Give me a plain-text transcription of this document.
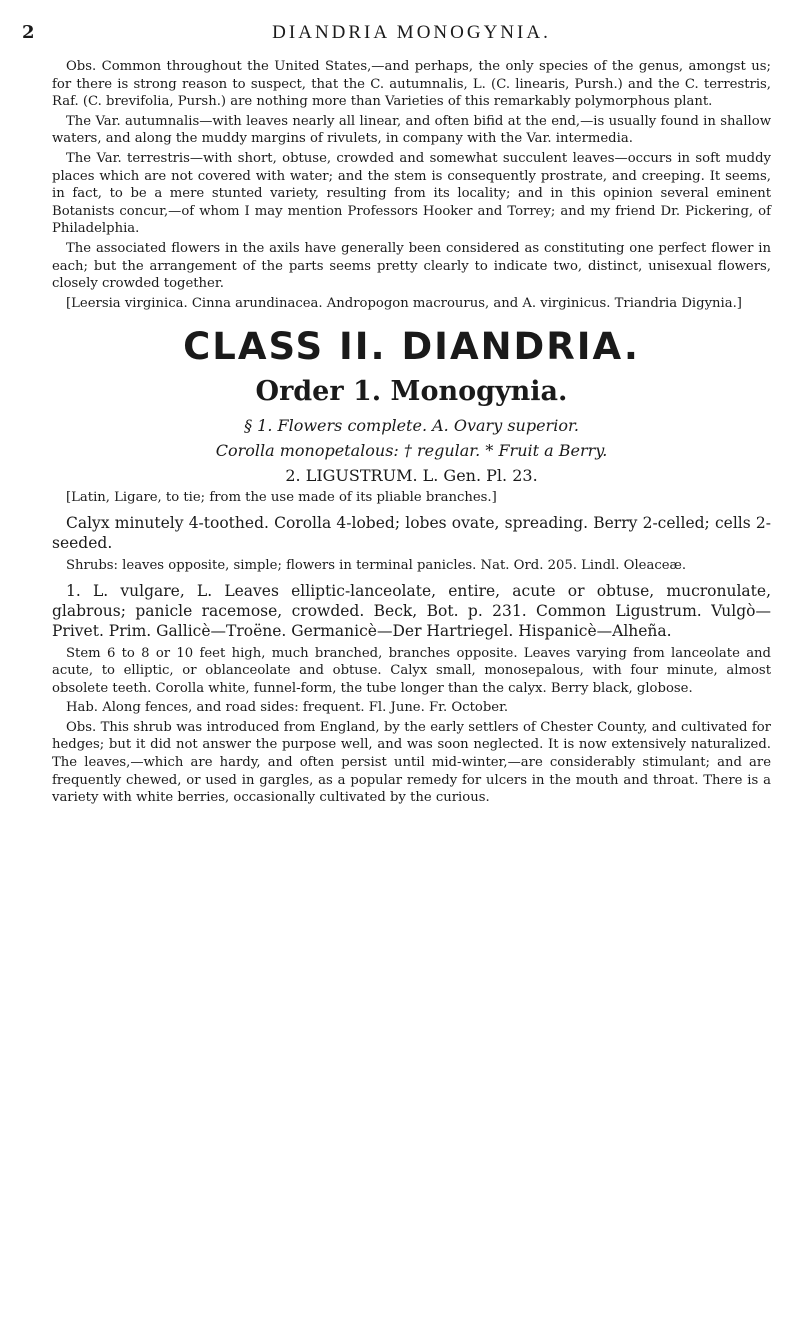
2	DIANDRIA MONOGYNIA.

Obs. Common throughout the United States,—and perhaps, the only species of the genus, amongst us; for there is strong reason to suspect, that the C. autumnalis, L. (C. linearis, Pursh.) and the C. terrestris, Raf. (C. brevifolia, Pursh.) are nothing more than Varieties of this remarkably polymorphous plant.

The Var. autumnalis—with leaves nearly all linear, and often bifid at the end,—is usually found in shallow waters, and along the muddy margins of rivulets, in company with the Var. intermedia.

The Var. terrestris—with short, obtuse, crowded and somewhat succulent leaves—occurs in soft muddy places which are not covered with water; and the stem is consequently prostrate, and creeping. It seems, in fact, to be a mere stunted variety, resulting from its locality; and in this opinion several eminent Botanists concur,—of whom I may mention Professors Hooker and Torrey; and my friend Dr. Pickering, of Philadelphia.

The associated flowers in the axils have generally been considered as constituting one perfect flower in each; but the arrangement of the parts seems pretty clearly to indicate two, distinct, unisexual flowers, closely crowded together.

[Leersia virginica. Cinna arundinacea. Andropogon macrourus, and A. virginicus. Triandria Digynia.]

CLASS II. DIANDRIA.
Order 1. Monogynia.
§ 1. Flowers complete. A. Ovary superior.
Corolla monopetalous: † regular. * Fruit a Berry.
2. LIGUSTRUM. L. Gen. Pl. 23.

[Latin, Ligare, to tie; from the use made of its pliable branches.]

Calyx minutely 4-toothed. Corolla 4-lobed; lobes ovate, spreading. Berry 2-celled; cells 2-seeded.

Shrubs: leaves opposite, simple; flowers in terminal panicles. Nat. Ord. 205. Lindl. Oleaceæ.

1. L. vulgare, L. Leaves elliptic-lanceolate, entire, acute or obtuse, mucronulate, glabrous; panicle racemose, crowded. Beck, Bot. p. 231. Common Ligustrum. Vulgò—Privet. Prim. Gallicè—Troëne. Germanicè—Der Hartriegel. Hispanicè—Alheña.

Stem 6 to 8 or 10 feet high, much branched, branches opposite. Leaves varying from lanceolate and acute, to elliptic, or oblanceolate and obtuse. Calyx small, monosepalous, with four minute, almost obsolete teeth. Corolla white, funnel-form, the tube longer than the calyx. Berry black, globose.

Hab. Along fences, and road sides: frequent. Fl. June. Fr. October.

Obs. This shrub was introduced from England, by the early settlers of Chester County, and cultivated for hedges; but it did not answer the purpose well, and was soon neglected. It is now extensively naturalized. The leaves,—which are hardy, and often persist until mid-winter,—are considerably stimulant; and are frequently chewed, or used in gargles, as a popular remedy for ulcers in the mouth and throat. There is a variety with white berries, occasionally cultivated by the curious.
